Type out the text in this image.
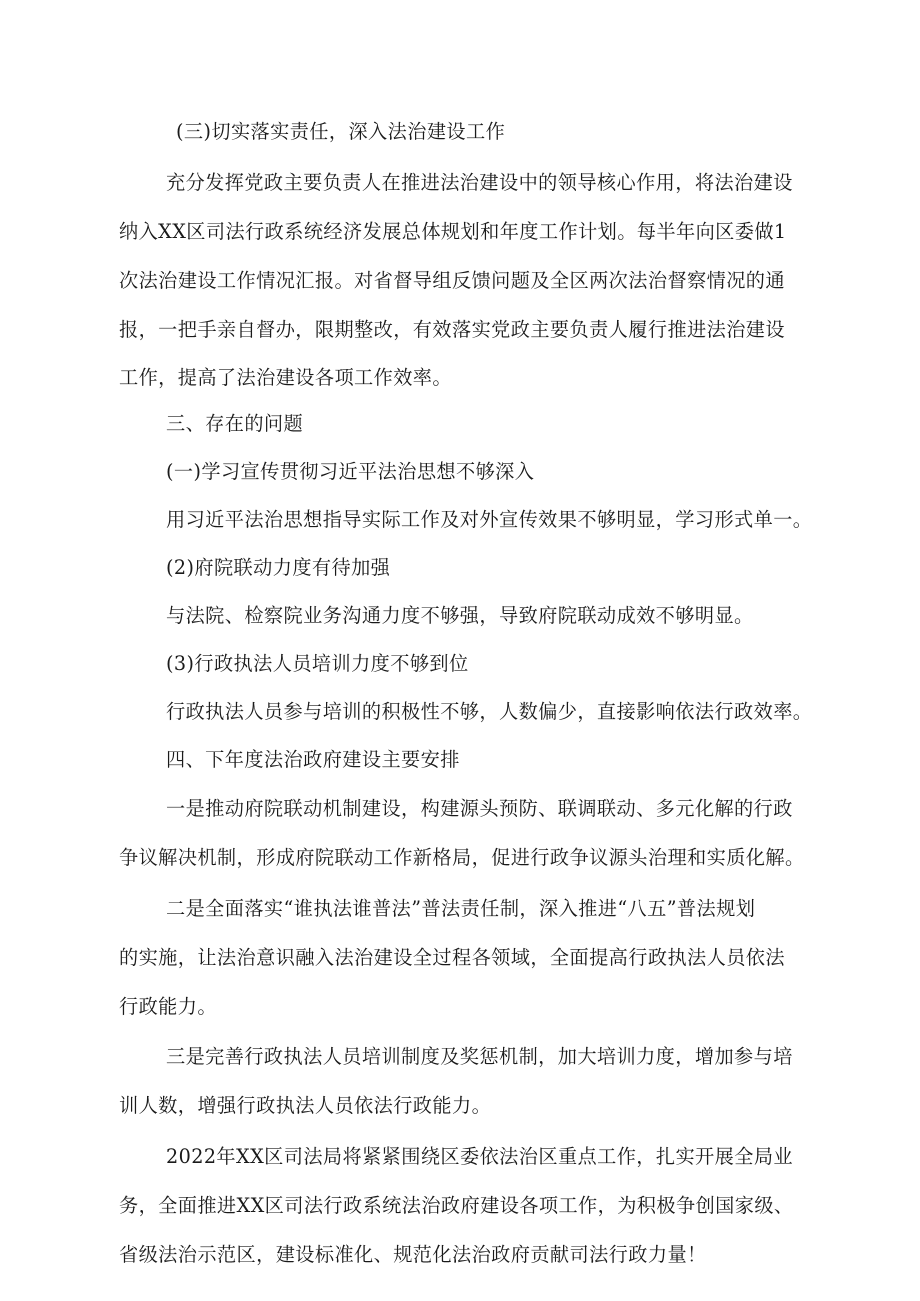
(三)切实落实责任，深入法治建设工作
充分发挥党政主要负责人在推进法治建设中的领导核心作用，将法治建设
纳入XX区司法行政系统经济发展总体规划和年度工作计划。每半年向区委做1
次法治建设工作情况汇报。对省督导组反馈问题及全区两次法治督察情况的通
报，一把手亲自督办，限期整改，有效落实党政主要负责人履行推进法治建设
工作，提高了法治建设各项工作效率。
三、存在的问题
(一)学习宣传贯彻习近平法治思想不够深入
用习近平法治思想指导实际工作及对外宣传效果不够明显，学习形式单一。
(2)府院联动力度有待加强
与法院、检察院业务沟通力度不够强，导致府院联动成效不够明显。
(3)行政执法人员培训力度不够到位
行政执法人员参与培训的积极性不够，人数偏少，直接影响依法行政效率。
四、下年度法治政府建设主要安排
一是推动府院联动机制建设，构建源头预防、联调联动、多元化解的行政
争议解决机制，形成府院联动工作新格局，促进行政争议源头治理和实质化解。
二是全面落实“谁执法谁普法”普法责任制，深入推进“八五”普法规划
的实施，让法治意识融入法治建设全过程各领域，全面提高行政执法人员依法
行政能力。
三是完善行政执法人员培训制度及奖惩机制，加大培训力度，增加参与培
训人数，增强行政执法人员依法行政能力。
2022年XX区司法局将紧紧围绕区委依法治区重点工作，扎实开展全局业
务，全面推进XX区司法行政系统法治政府建设各项工作，为积极争创国家级、
省级法治示范区，建设标准化、规范化法治政府贡献司法行政力量！
